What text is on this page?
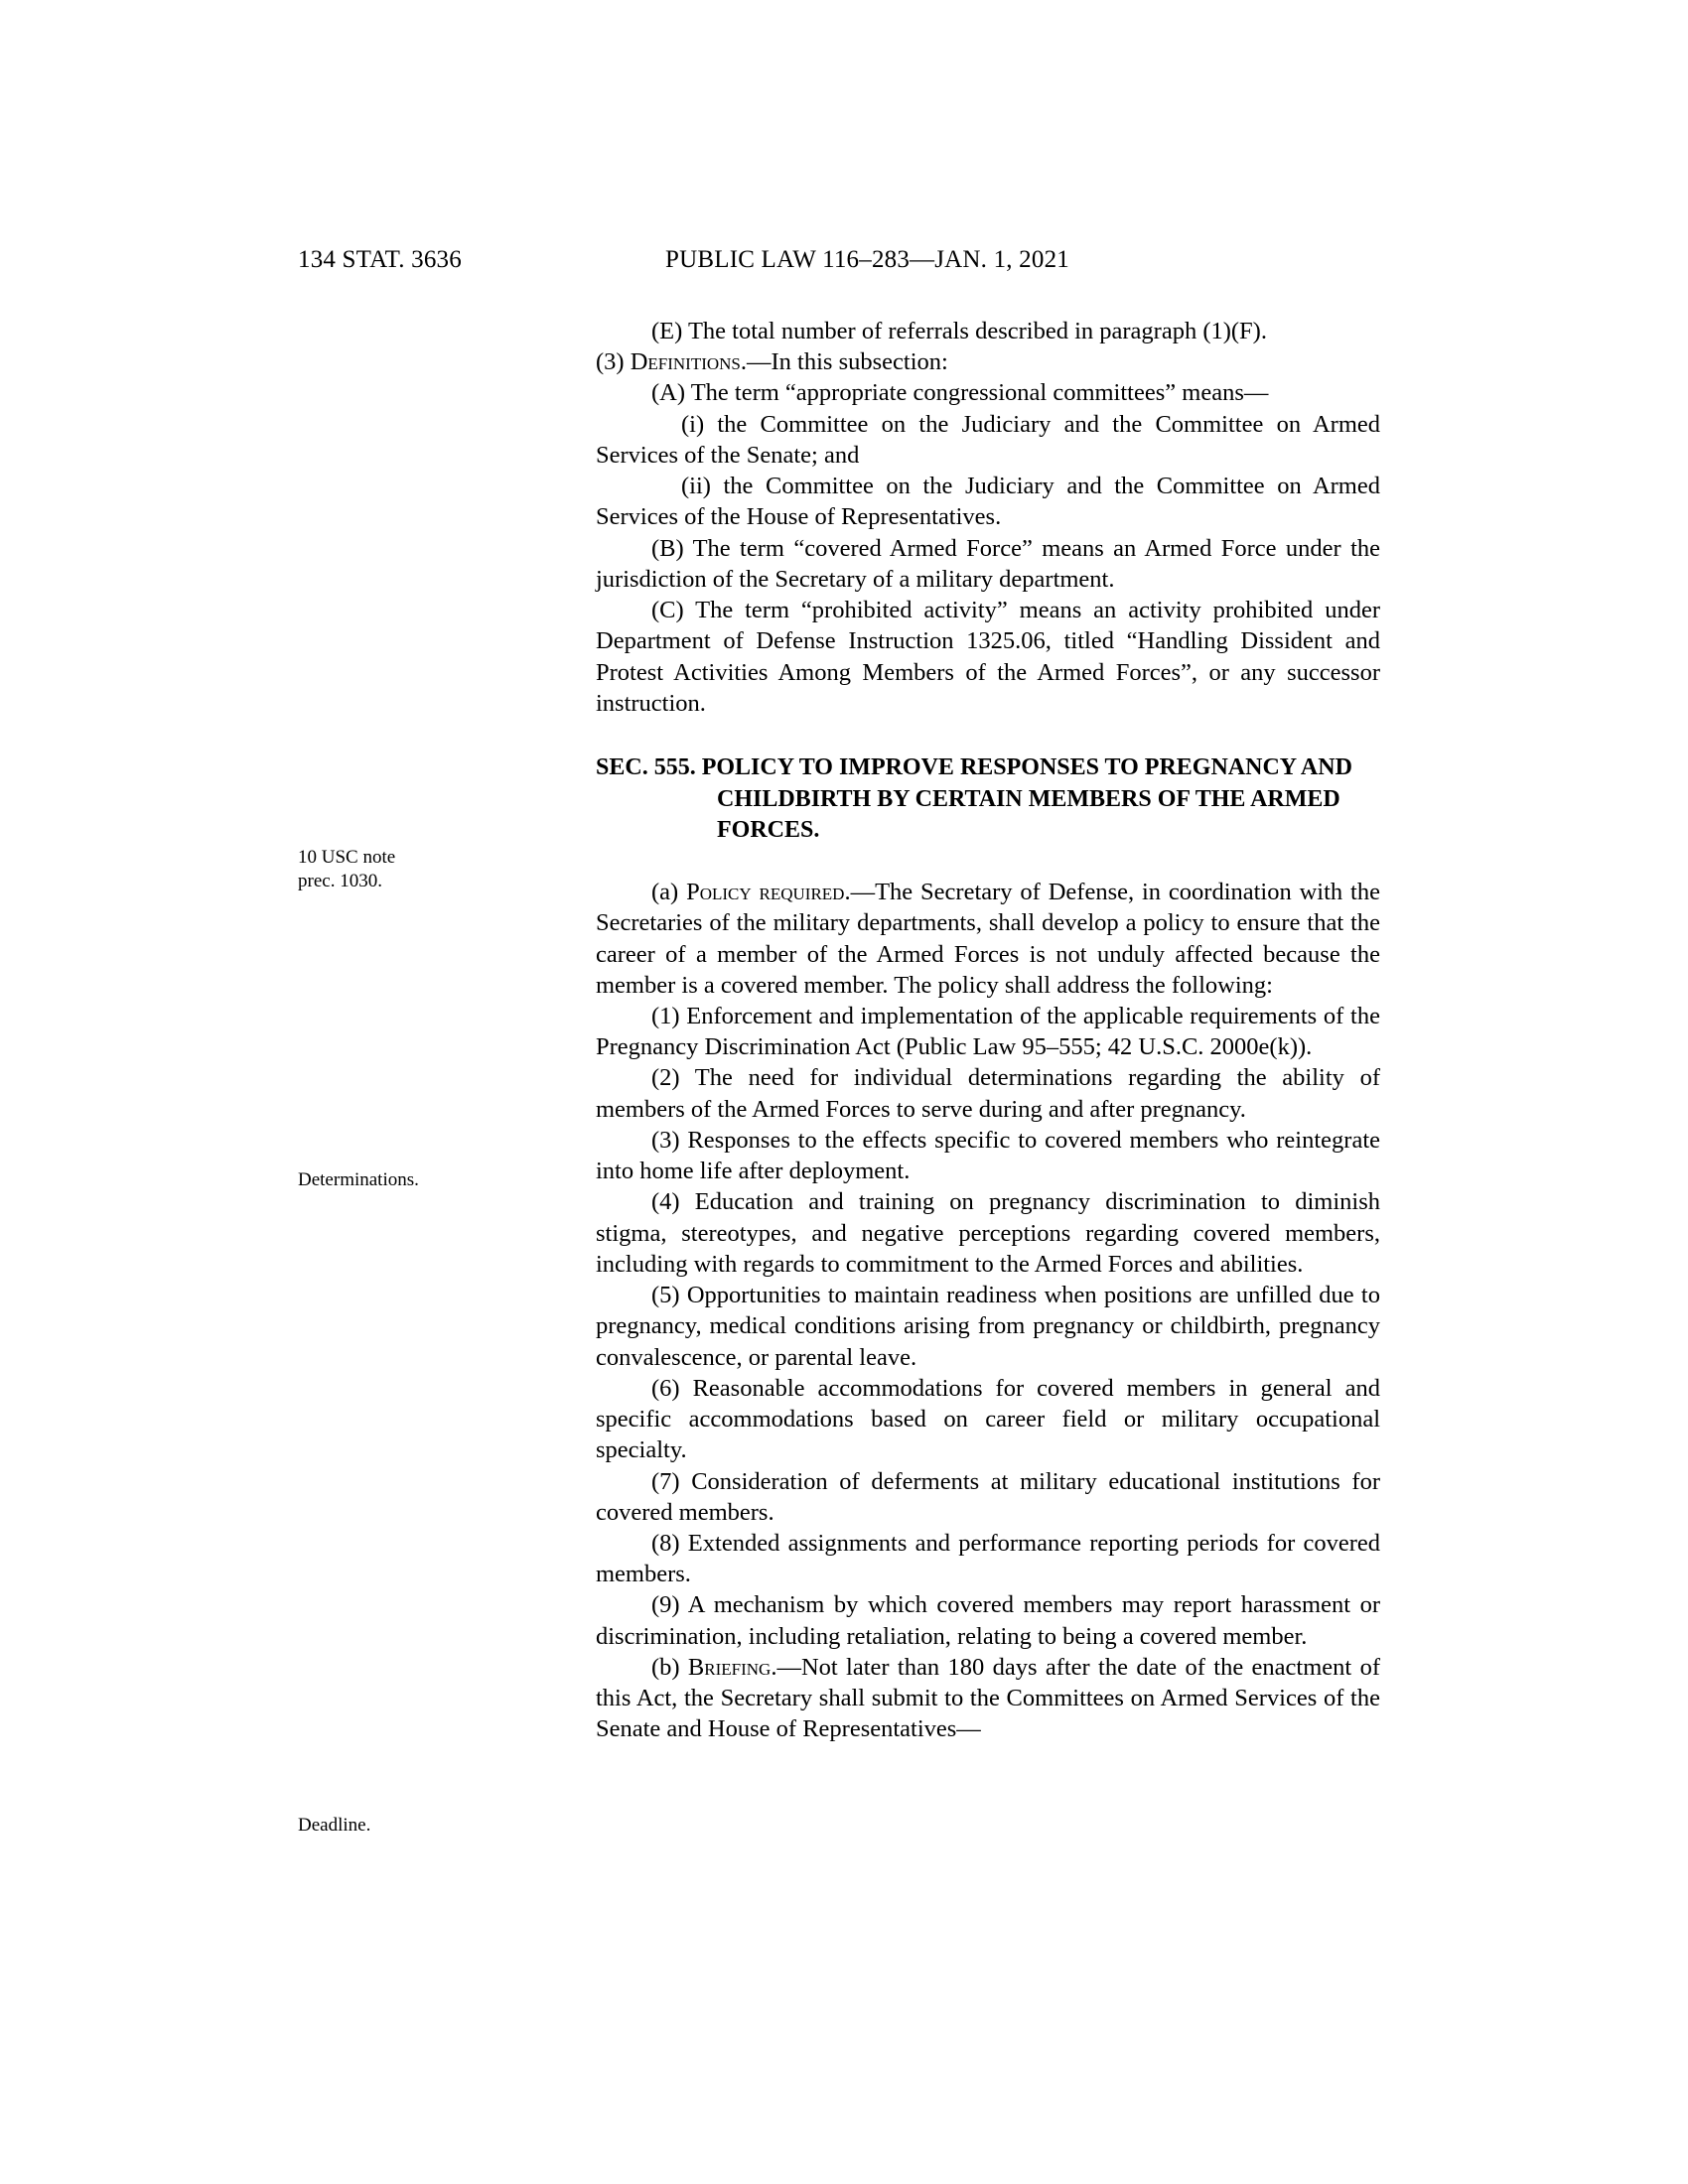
134 STAT. 3636	PUBLIC LAW 116–283—JAN. 1, 2021
10 USC note
prec. 1030.
Determinations.
Deadline.

(E) The total number of referrals described in paragraph (1)(F).

(3) Definitions.—In this subsection:

(A) The term “appropriate congressional committees” means—

(i) the Committee on the Judiciary and the Committee on Armed Services of the Senate; and

(ii) the Committee on the Judiciary and the Committee on Armed Services of the House of Representatives.

(B) The term “covered Armed Force” means an Armed Force under the jurisdiction of the Secretary of a military department.

(C) The term “prohibited activity” means an activity prohibited under Department of Defense Instruction 1325.06, titled “Handling Dissident and Protest Activities Among Members of the Armed Forces”, or any successor instruction.

SEC. 555. POLICY TO IMPROVE RESPONSES TO PREGNANCY AND
CHILDBIRTH BY CERTAIN MEMBERS OF THE ARMED
FORCES.

(a) Policy required.—The Secretary of Defense, in coordination with the Secretaries of the military departments, shall develop a policy to ensure that the career of a member of the Armed Forces is not unduly affected because the member is a covered member. The policy shall address the following:

(1) Enforcement and implementation of the applicable requirements of the Pregnancy Discrimination Act (Public Law 95–555; 42 U.S.C. 2000e(k)).

(2) The need for individual determinations regarding the ability of members of the Armed Forces to serve during and after pregnancy.

(3) Responses to the effects specific to covered members who reintegrate into home life after deployment.

(4) Education and training on pregnancy discrimination to diminish stigma, stereotypes, and negative perceptions regarding covered members, including with regards to commitment to the Armed Forces and abilities.

(5) Opportunities to maintain readiness when positions are unfilled due to pregnancy, medical conditions arising from pregnancy or childbirth, pregnancy convalescence, or parental leave.

(6) Reasonable accommodations for covered members in general and specific accommodations based on career field or military occupational specialty.

(7) Consideration of deferments at military educational institutions for covered members.

(8) Extended assignments and performance reporting periods for covered members.

(9) A mechanism by which covered members may report harassment or discrimination, including retaliation, relating to being a covered member.

(b) Briefing.—Not later than 180 days after the date of the enactment of this Act, the Secretary shall submit to the Committees on Armed Services of the Senate and House of Representatives—
